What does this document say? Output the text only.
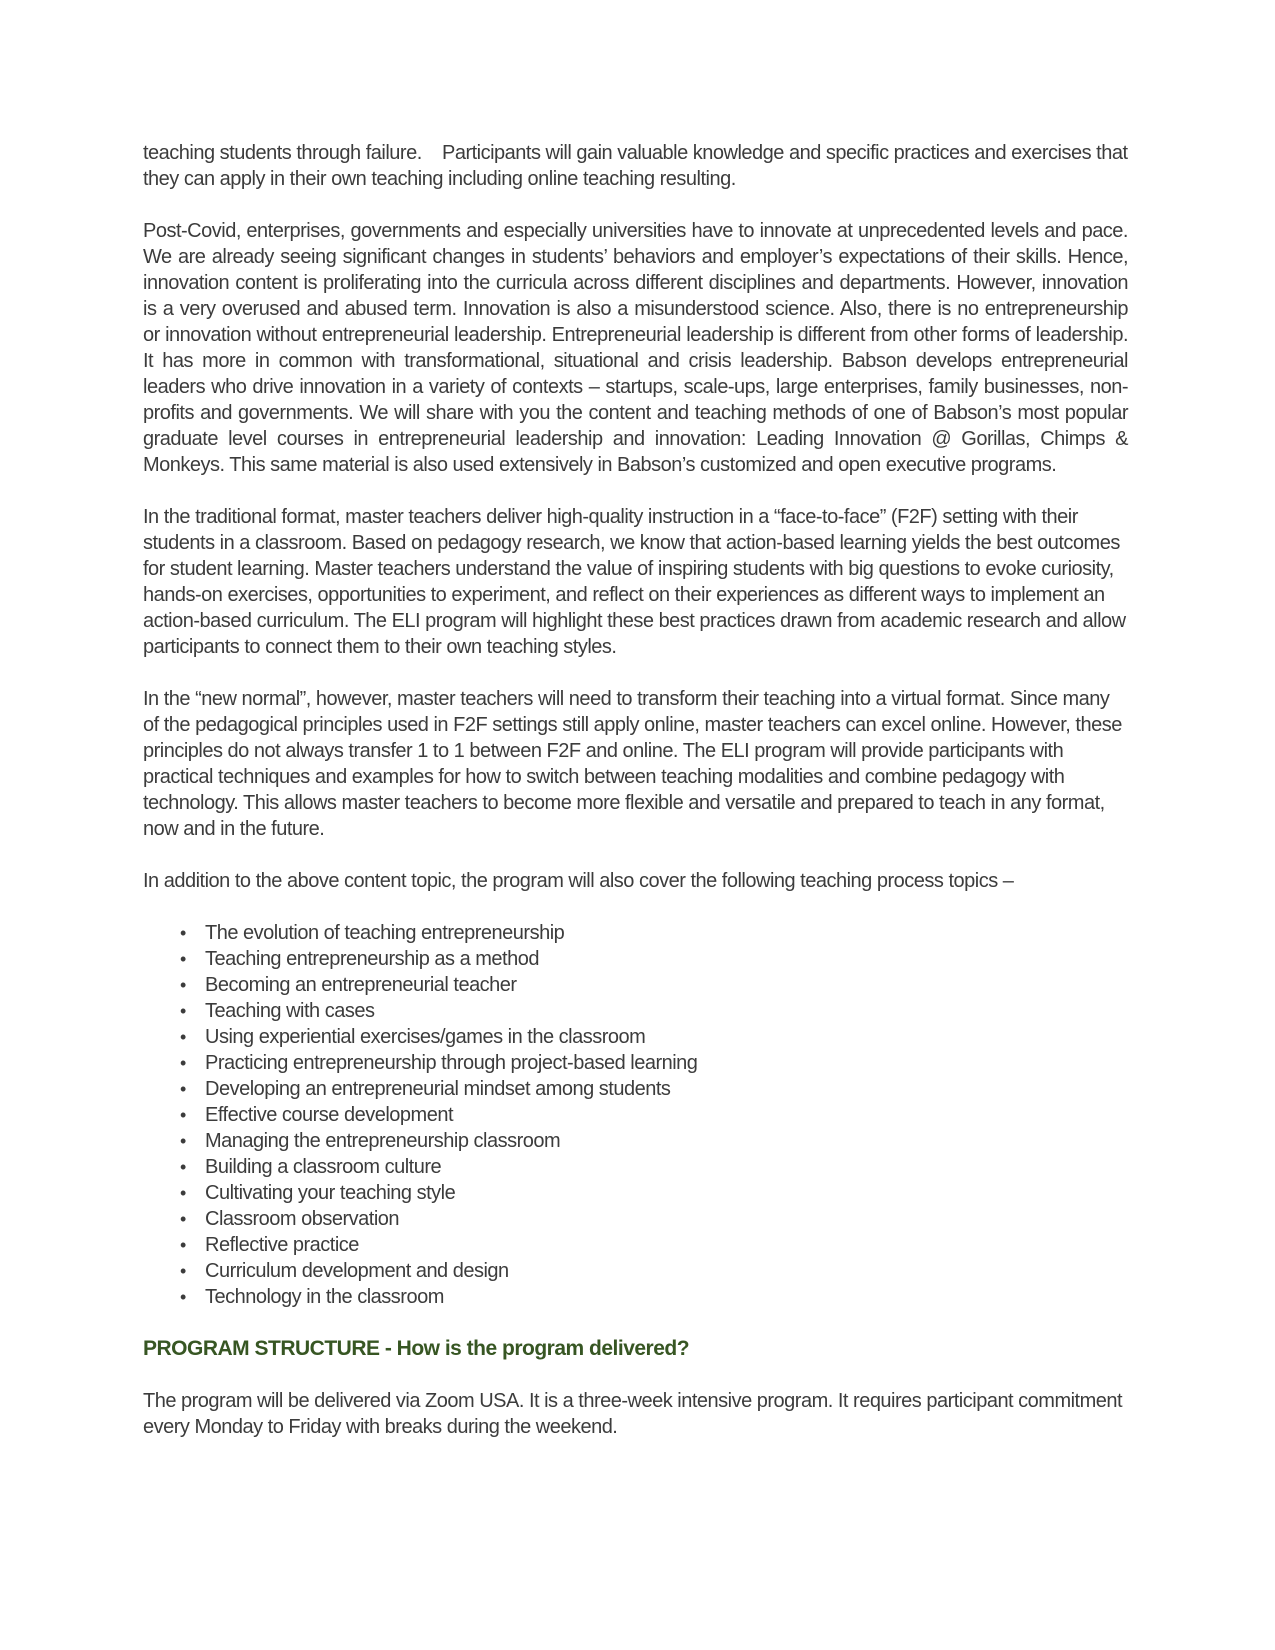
teaching students through failure.    Participants will gain valuable knowledge and specific practices and exercises that they can apply in their own teaching including online teaching resulting.

Post-Covid, enterprises, governments and especially universities have to innovate at unprecedented levels and pace. We are already seeing significant changes in students’ behaviors and employer’s expectations of their skills. Hence, innovation content is proliferating into the curricula across different disciplines and departments. However, innovation is a very overused and abused term. Innovation is also a misunderstood science. Also, there is no entrepreneurship or innovation without entrepreneurial leadership. Entrepreneurial leadership is different from other forms of leadership. It has more in common with transformational, situational and crisis leadership. Babson develops entrepreneurial leaders who drive innovation in a variety of contexts – startups, scale-ups, large enterprises, family businesses, non-profits and governments. We will share with you the content and teaching methods of one of Babson’s most popular graduate level courses in entrepreneurial leadership and innovation: Leading Innovation @ Gorillas, Chimps & Monkeys. This same material is also used extensively in Babson’s customized and open executive programs.

In the traditional format, master teachers deliver high-quality instruction in a “face-to-face” (F2F) setting with their students in a classroom. Based on pedagogy research, we know that action-based learning yields the best outcomes for student learning. Master teachers understand the value of inspiring students with big questions to evoke curiosity, hands-on exercises, opportunities to experiment, and reflect on their experiences as different ways to implement an action-based curriculum. The ELI program will highlight these best practices drawn from academic research and allow participants to connect them to their own teaching styles.

In the “new normal”, however, master teachers will need to transform their teaching into a virtual format. Since many of the pedagogical principles used in F2F settings still apply online, master teachers can excel online. However, these principles do not always transfer 1 to 1 between F2F and online. The ELI program will provide participants with practical techniques and examples for how to switch between teaching modalities and combine pedagogy with technology. This allows master teachers to become more flexible and versatile and prepared to teach in any format, now and in the future.

In addition to the above content topic, the program will also cover the following teaching process topics –

• The evolution of teaching entrepreneurship
• Teaching entrepreneurship as a method
• Becoming an entrepreneurial teacher
• Teaching with cases
• Using experiential exercises/games in the classroom
• Practicing entrepreneurship through project-based learning
• Developing an entrepreneurial mindset among students
• Effective course development
• Managing the entrepreneurship classroom
• Building a classroom culture
• Cultivating your teaching style
• Classroom observation
• Reflective practice
• Curriculum development and design
• Technology in the classroom
PROGRAM STRUCTURE - How is the program delivered?

The program will be delivered via Zoom USA. It is a three-week intensive program. It requires participant commitment every Monday to Friday with breaks during the weekend.
